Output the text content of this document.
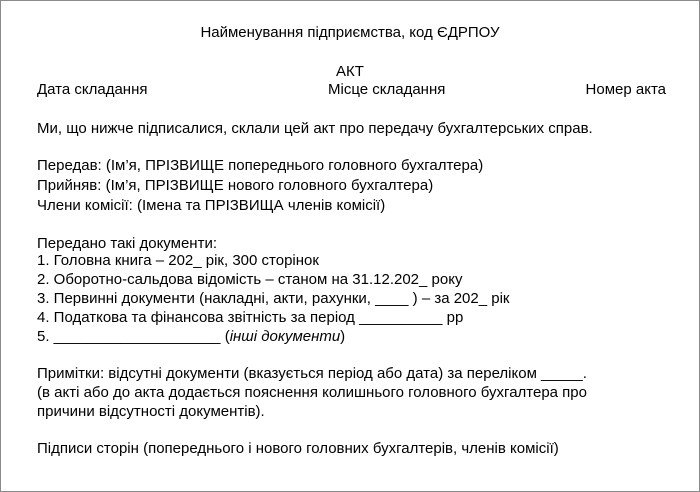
Найменування підприємства, код ЄДРПОУ
АКТ
Дата складання	Місце складання	Номер акта
Ми, що нижче підписалися, склали цей акт про передачу бухгалтерських справ.
Передав: (Ім’я, ПРІЗВИЩЕ попереднього головного бухгалтера)
Прийняв: (Ім’я, ПРІЗВИЩЕ нового головного бухгалтера)
Члени комісії: (Імена та ПРІЗВИЩА членів комісії)
Передано такі документи:
1. Головна книга – 202_ рік, 300 сторінок
2. Оборотно-сальдова відомість – станом на 31.12.202_ року
3. Первинні документи (накладні, акти, рахунки, ____ ) – за 202_ рік
4. Податкова та фінансова звітність за період __________ рр
5. ____________________ (інші документи)
Примітки: відсутні документи (вказується період або дата) за переліком _____.
(в акті або до акта додається пояснення колишнього головного бухгалтера про
причини відсутності документів).
Підписи сторін (попереднього і нового головних бухгалтерів, членів комісії)
